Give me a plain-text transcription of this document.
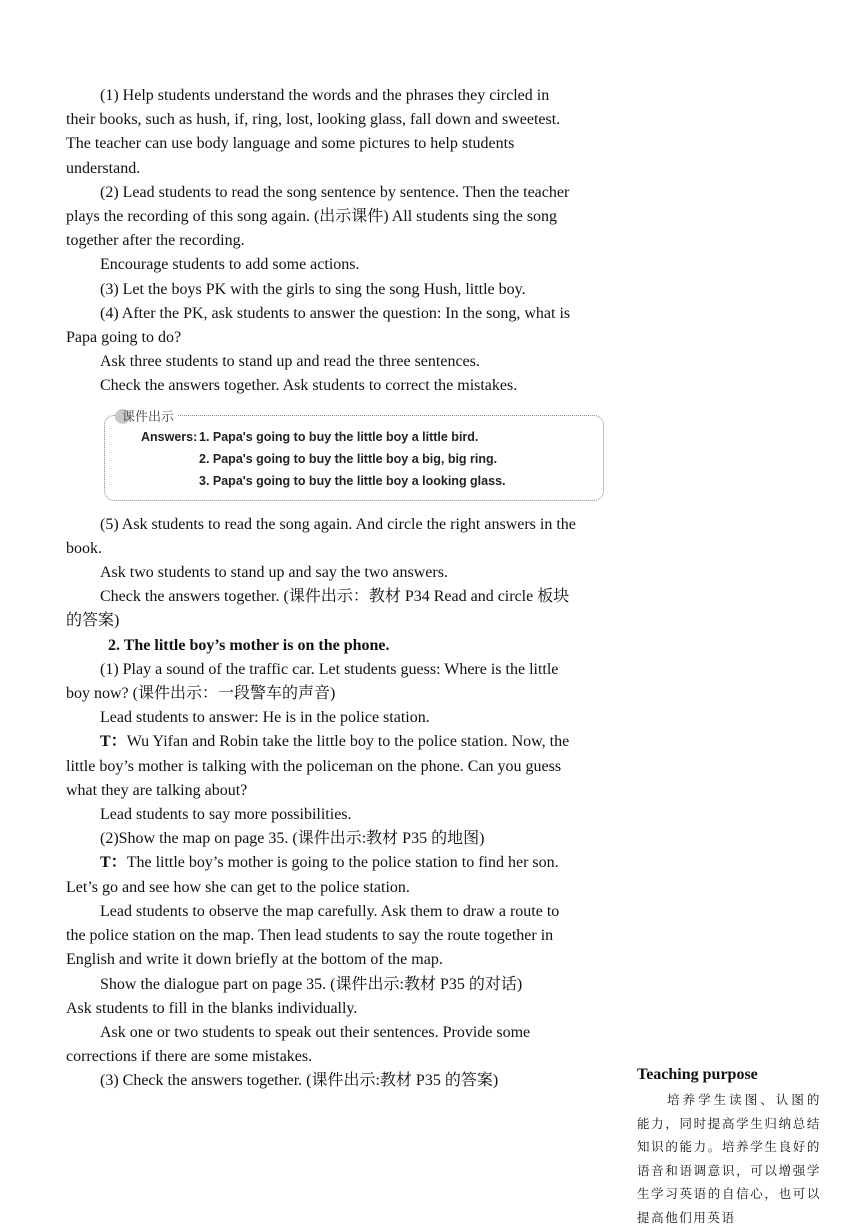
(1) Help students understand the words and the phrases they circled in their books, such as hush, if, ring, lost, looking glass, fall down and sweetest. The teacher can use body language and some pictures to help students understand.

(2) Lead students to read the song sentence by sentence. Then the teacher plays the recording of this song again. (出示课件) All students sing the song together after the recording.

Encourage students to add some actions.

(3) Let the boys PK with the girls to sing the song Hush, little boy.

(4) After the PK, ask students to answer the question: In the song, what is Papa going to do?

Ask three students to stand up and read the three sentences.

Check the answers together. Ask students to correct the mistakes.

课件出示
Answers: 1. Papa's going to buy the little boy a little bird.
2. Papa's going to buy the little boy a big, big ring.
3. Papa's going to buy the little boy a looking glass.

(5) Ask students to read the song again. And circle the right answers in the book.

Ask two students to stand up and say the two answers.

Check the answers together. (课件出示：教材 P34 Read and circle 板块的答案)

2. The little boy’s mother is on the phone.

(1) Play a sound of the traffic car. Let students guess: Where is the little boy now? (课件出示：一段警车的声音)

Lead students to answer: He is in the police station.

T：Wu Yifan and Robin take the little boy to the police station. Now, the little boy’s mother is talking with the policeman on the phone. Can you guess what they are talking about?

Lead students to say more possibilities.

(2)Show the map on page 35. (课件出示:教材 P35 的地图)

T：The little boy’s mother is going to the police station to find her son. Let’s go and see how she can get to the police station.

Lead students to observe the map carefully. Ask them to draw a route to the police station on the map. Then lead students to say the route together in English and write it down briefly at the bottom of the map.

Show the dialogue part on page 35. (课件出示:教材 P35 的对话)

Ask students to fill in the blanks individually.

Ask one or two students to speak out their sentences. Provide some corrections if there are some mistakes.

(3) Check the answers together. (课件出示:教材 P35 的答案)	Teaching purpose

培养学生读图、认图的能力，同时提高学生归纳总结知识的能力。培养学生良好的语音和语调意识，可以增强学生学习英语的自信心，也可以提高他们用英语
